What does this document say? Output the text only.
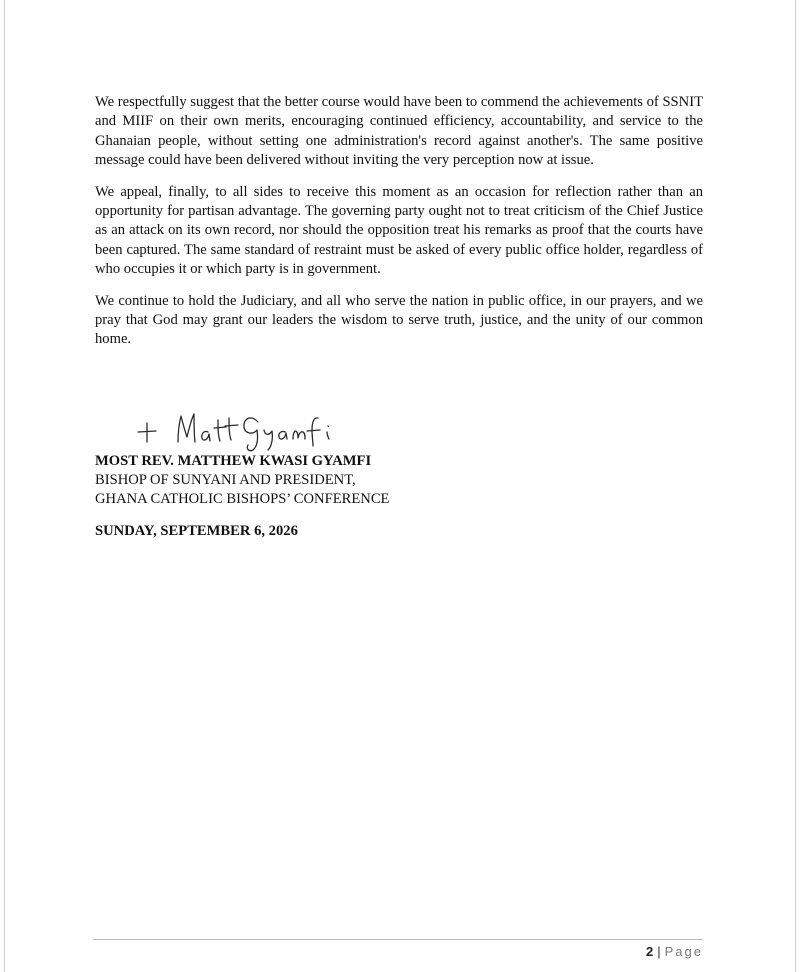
We respectfully suggest that the better course would have been to commend the achievements of SSNIT and MIIF on their own merits, encouraging continued efficiency, accountability, and service to the Ghanaian people, without setting one administration's record against another's. The same positive message could have been delivered without inviting the very perception now at issue.

We appeal, finally, to all sides to receive this moment as an occasion for reflection rather than an opportunity for partisan advantage. The governing party ought not to treat criticism of the Chief Justice as an attack on its own record, nor should the opposition treat his remarks as proof that the courts have been captured. The same standard of restraint must be asked of every public office holder, regardless of who occupies it or which party is in government.

We continue to hold the Judiciary, and all who serve the nation in public office, in our prayers, and we pray that God may grant our leaders the wisdom to serve truth, justice, and the unity of our common home.

MOST REV. MATTHEW KWASI GYAMFI
BISHOP OF SUNYANI AND PRESIDENT,
GHANA CATHOLIC BISHOPS’ CONFERENCE
SUNDAY, SEPTEMBER 6, 2026
2 | Page
